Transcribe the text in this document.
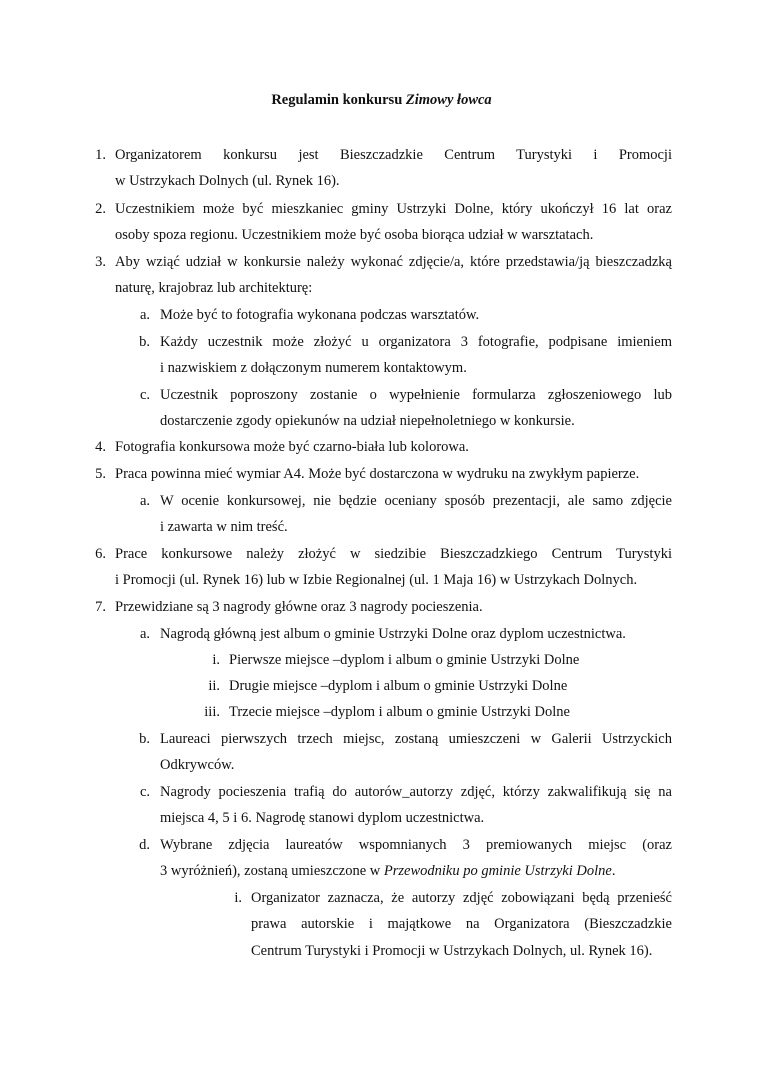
Regulamin konkursu Zimowy łowca
1. Organizatorem konkursu jest Bieszczadzkie Centrum Turystyki i Promocji
w Ustrzykach Dolnych (ul. Rynek 16).
2. Uczestnikiem może być mieszkaniec gminy Ustrzyki Dolne, który ukończył 16 lat oraz
osoby spoza regionu. Uczestnikiem może być osoba biorąca udział w warsztatach.
3. Aby wziąć udział w konkursie należy wykonać zdjęcie/a, które przedstawia/ją bieszczadzką
naturę, krajobraz lub architekturę:
a. Może być to fotografia wykonana podczas warsztatów.
b. Każdy uczestnik może złożyć u organizatora 3 fotografie, podpisane imieniem
i nazwiskiem z dołączonym numerem kontaktowym.
c. Uczestnik poproszony zostanie o wypełnienie formularza zgłoszeniowego lub
dostarczenie zgody opiekunów na udział niepełnoletniego w konkursie.
4. Fotografia konkursowa może być czarno-biała lub kolorowa.
5. Praca powinna mieć wymiar A4. Może być dostarczona w wydruku na zwykłym papierze.
a. W ocenie konkursowej, nie będzie oceniany sposób prezentacji, ale samo zdjęcie
i zawarta w nim treść.
6. Prace konkursowe należy złożyć w siedzibie Bieszczadzkiego Centrum Turystyki
i Promocji (ul. Rynek 16) lub w Izbie Regionalnej (ul. 1 Maja 16) w Ustrzykach Dolnych.
7. Przewidziane są 3 nagrody główne oraz 3 nagrody pocieszenia.
a. Nagrodą główną jest album o gminie Ustrzyki Dolne oraz dyplom uczestnictwa.
i. Pierwsze miejsce –dyplom i album o gminie Ustrzyki Dolne
ii. Drugie miejsce –dyplom i album o gminie Ustrzyki Dolne
iii. Trzecie miejsce –dyplom i album o gminie Ustrzyki Dolne
b. Laureaci pierwszych trzech miejsc, zostaną umieszczeni w Galerii Ustrzyckich
Odkrywców.
c. Nagrody pocieszenia trafią do autorów_autorzy zdjęć, którzy zakwalifikują się na
miejsca 4, 5 i 6. Nagrodę stanowi dyplom uczestnictwa.
d. Wybrane zdjęcia laureatów wspomnianych 3 premiowanych miejsc (oraz
3 wyróżnień), zostaną umieszczone w Przewodniku po gminie Ustrzyki Dolne.
i. Organizator zaznacza, że autorzy zdjęć zobowiązani będą przenieść
prawa autorskie i majątkowe na Organizatora (Bieszczadzkie
Centrum Turystyki i Promocji w Ustrzykach Dolnych, ul. Rynek 16).
